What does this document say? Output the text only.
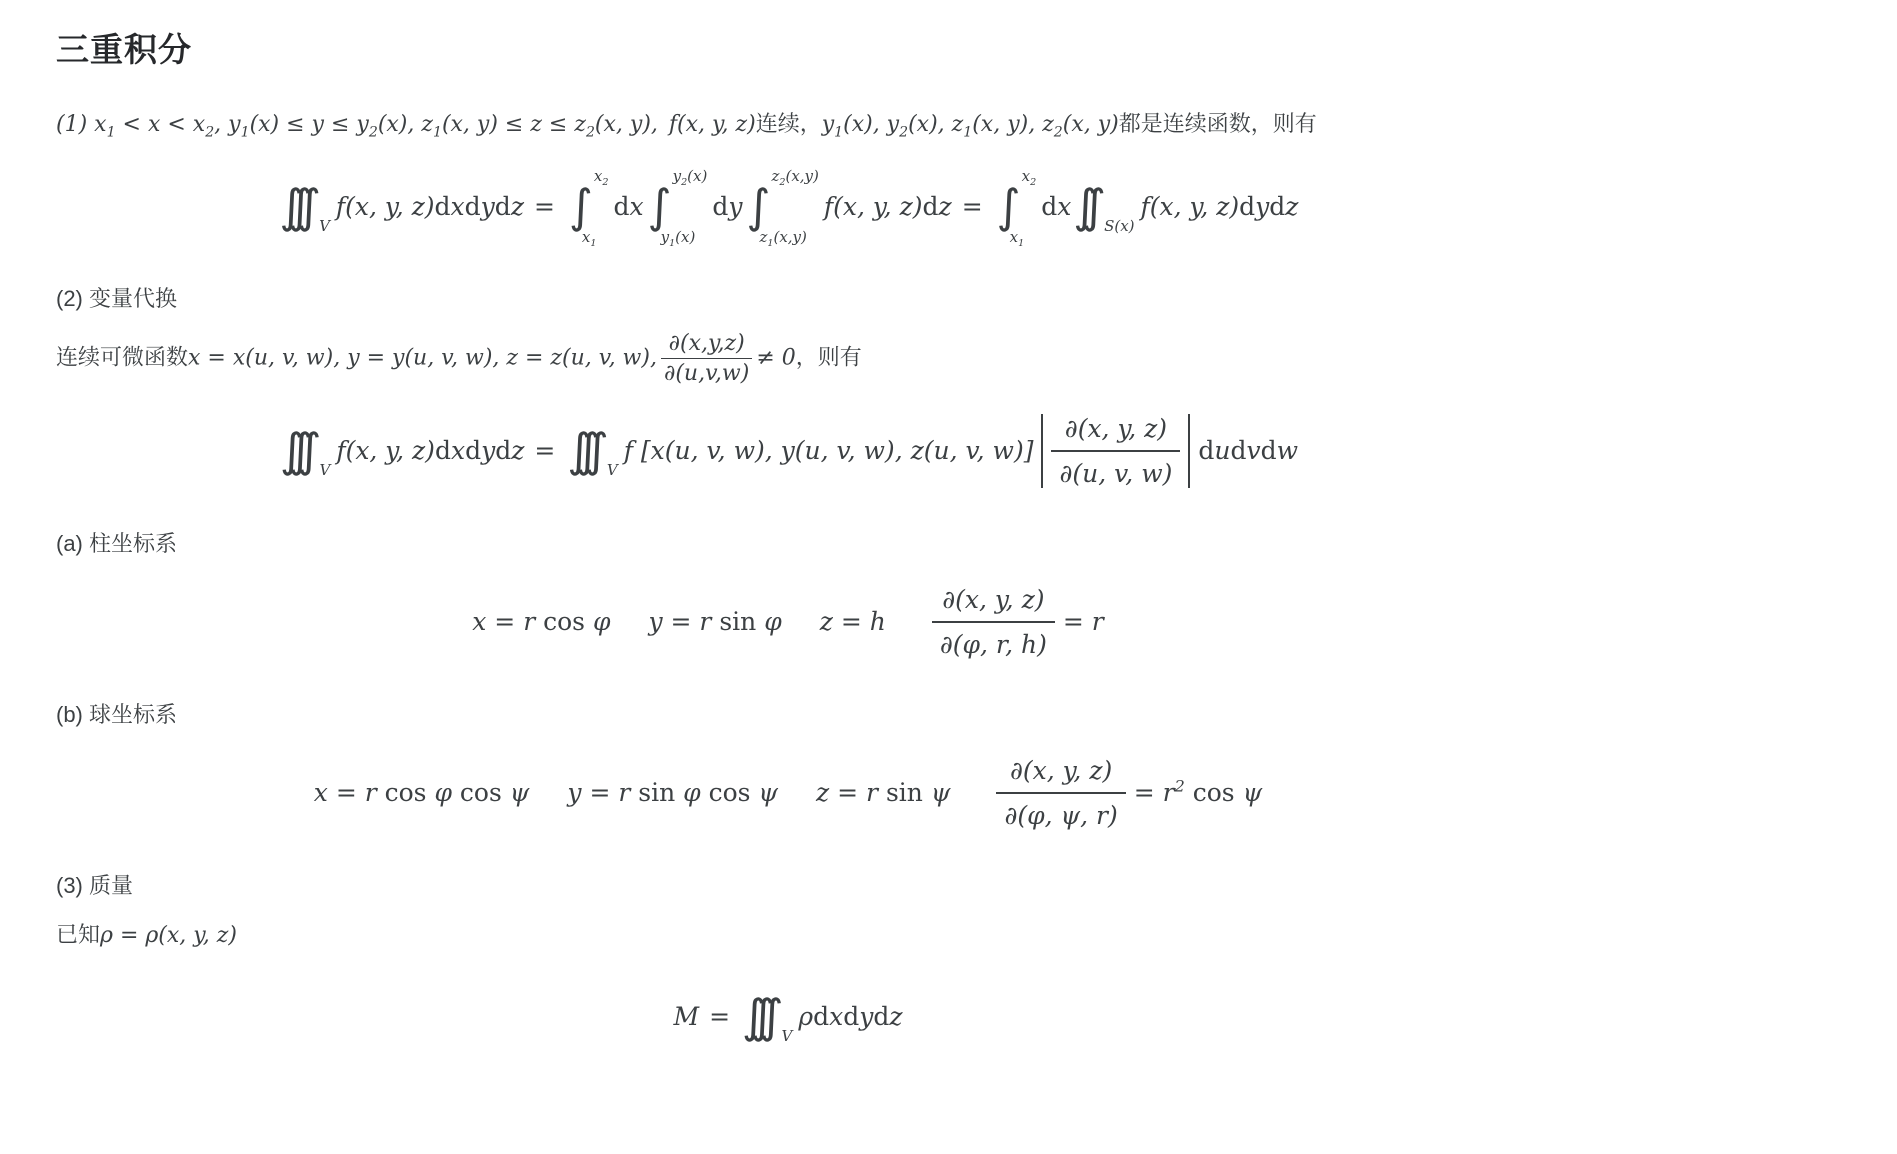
三重积分

(1) $x_1 < x < x_2$, $y_1(x) \le y \le y_2(x)$, $z_1(x$, $y) \le z \le z_2(x$, y), f(x, y, z)连续，$y_1(x)$, $y_2(x)$, $z_1(x$, y), $z_2(x$, y)都是连续函数，则有

∫∫∫ V
f(x, y, z)dxdydz = ∫
$x_2$
$x_1$
dx ∫
$y_2(x)$
$y_1(x)$
dy ∫
$z_2(x,y)$
$z_1(x,y)$
f(x, y, z)dz = ∫
$x_2$
$x_1$
dx ∫∫ S(x)
f(x, y, z)dydz

(2) 变量代换

连续可微函数x = x(u, v, w), y = y(u, v, w), z = z(u, v, w), $\frac{\partial(x,y,z)}{\partial(u,v,w)} \ne 0$，则有

∫∫∫ V
f(x, y, z)dxdydz = ∫∫∫ V
f [x(u, v, w), y(u, v, w), z(u, v, $w)] \frac{\partial(x, y, z)}{\partial(u, v, w)}$ dudvdw

(a) 柱坐标系

x = r cos φ y = r sin φ z = h $\frac{\partial(x, y, z)}{\partial(\varphi, r, h)} = r$

(b) 球坐标系

x = r cos φ cos ψ y = r sin φ cos ψ z = r sin ψ $\frac{\partial(x, y, z)}{\partial(\varphi, \psi, r)} = r^2$ cos ψ

(3) 质量

已知ρ = ρ(x, y, z)

M = ∫∫∫ V
ρdxdydz
